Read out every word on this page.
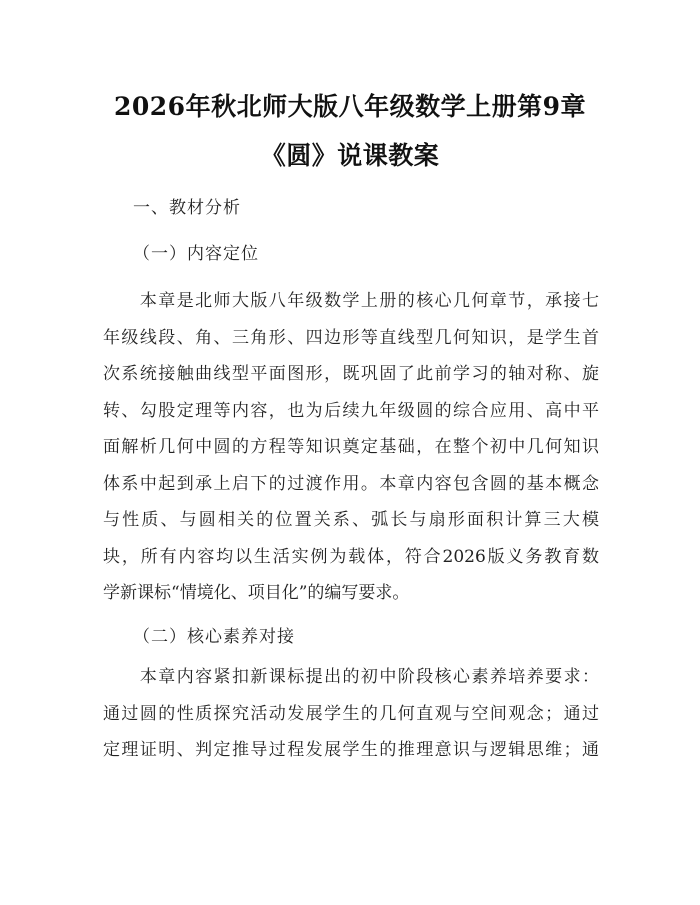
2026年秋北师大版八年级数学上册第9章
《圆》说课教案
一、教材分析
（一）内容定位
　　本章是北师大版八年级数学上册的核心几何章节，承接七
年级线段、角、三角形、四边形等直线型几何知识，是学生首
次系统接触曲线型平面图形，既巩固了此前学习的轴对称、旋
转、勾股定理等内容，也为后续九年级圆的综合应用、高中平
面解析几何中圆的方程等知识奠定基础，在整个初中几何知识
体系中起到承上启下的过渡作用。本章内容包含圆的基本概念
与性质、与圆相关的位置关系、弧长与扇形面积计算三大模
块，所有内容均以生活实例为载体，符合2026版义务教育数
学新课标“情境化、项目化”的编写要求。
（二）核心素养对接
　　本章内容紧扣新课标提出的初中阶段核心素养培养要求：
通过圆的性质探究活动发展学生的几何直观与空间观念；通过
定理证明、判定推导过程发展学生的推理意识与逻辑思维；通
